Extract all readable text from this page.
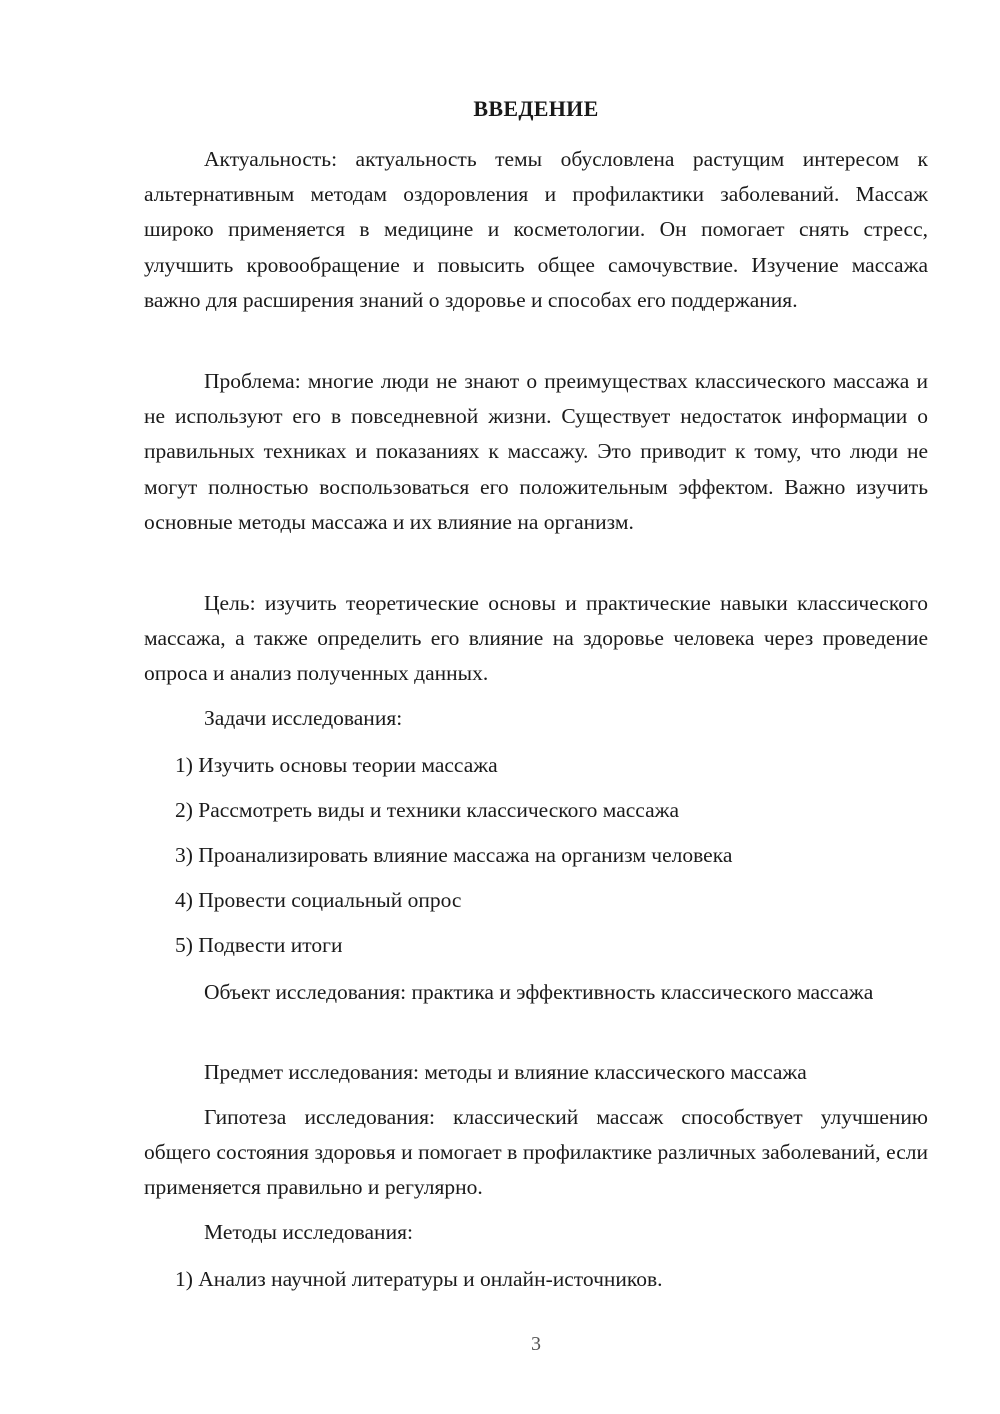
ВВЕДЕНИЕ
Актуальность: актуальность темы обусловлена растущим интересом к альтернативным методам оздоровления и профилактики заболеваний. Массаж широко применяется в медицине и косметологии. Он помогает снять стресс, улучшить кровообращение и повысить общее самочувствие. Изучение массажа важно для расширения знаний о здоровье и способах его поддержания.
Проблема: многие люди не знают о преимуществах классического массажа и не используют его в повседневной жизни. Существует недостаток информации о правильных техниках и показаниях к массажу. Это приводит к тому, что люди не могут полностью воспользоваться его положительным эффектом. Важно изучить основные методы массажа и их влияние на организм.
Цель: изучить теоретические основы и практические навыки классического массажа, а также определить его влияние на здоровье человека через проведение опроса и анализ полученных данных.
Задачи исследования:
1) Изучить основы теории массажа
2) Рассмотреть виды и техники классического массажа
3) Проанализировать влияние массажа на организм человека
4) Провести социальный опрос
5) Подвести итоги
Объект исследования: практика и эффективность классического массажа
Предмет исследования: методы и влияние классического массажа
Гипотеза исследования: классический массаж способствует улучшению общего состояния здоровья и помогает в профилактике различных заболеваний, если применяется правильно и регулярно.
Методы исследования:
1) Анализ научной литературы и онлайн-источников.
3
